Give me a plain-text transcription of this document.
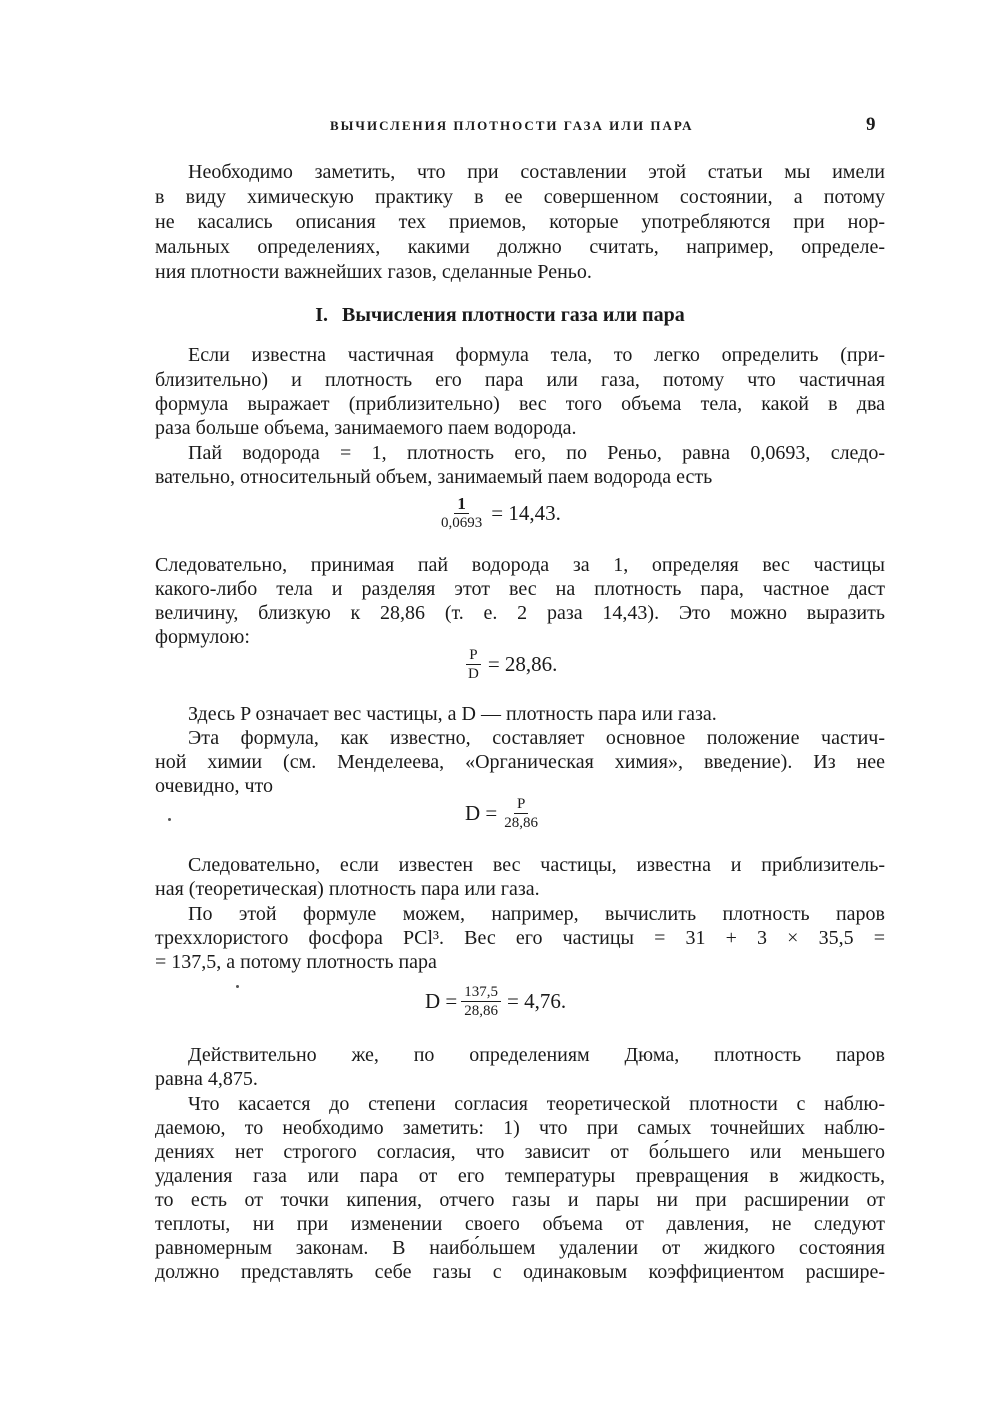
ВЫЧИСЛЕНИЯ ПЛОТНОСТИ ГАЗА ИЛИ ПАРА	9
Необходимо заметить, что при составлении этой статьи мы имели
в виду химическую практику в ее совершенном состоянии, а потому
не касались описания тех приемов, которые употребляются при нор-
мальных определениях, какими должно считать, например, определе-
ния плотности важнейших газов, сделанные Реньо.
I. Вычисления плотности газа или пара
Если известна частичная формула тела, то легко определить (при-
близительно) и плотность его пара или газа, потому что частичная
формула выражает (приблизительно) вес того объема тела, какой в два
раза больше объема, занимаемого паем водорода.
Пай водорода = 1, плотность его, по Реньо, равна 0,0693, следо-
вательно, относительный объем, занимаемый паем водорода есть
$\frac{1}{0,0693} = 14,43$.
Следовательно, принимая пай водорода за 1, определяя вес частицы
какого-либо тела и разделяя этот вес на плотность пара, частное даст
величину, близкую к 28,86 (т. е. 2 раза 14,43). Это можно выразить
формулою:
$\frac{P}{D} = 28,86$.
Здесь P означает вес частицы, а D — плотность пара или газа.
Эта формула, как известно, составляет основное положение частич-
ной химии (см. Менделеева, «Органическая химия», введение). Из нее
очевидно, что
$D = \frac{P}{28,86}$
Следовательно, если известен вес частицы, известна и приблизитель-
ная (теоретическая) плотность пара или газа.
По этой формуле можем, например, вычислить плотность паров
трехxлористого фосфора PCl³. Вес его частицы = 31 + 3 × 35,5 =
= 137,5, а потому плотность пара
$D = \frac{137,5}{28,86} = 4,76$.
Действительно же, по определениям Дюма, плотность паров
равна 4,875.
Что касается до степени согласия теоретической плотности с наблю-
даемою, то необходимо заметить: 1) что при самых точнейших наблю-
дениях нет строгого согласия, что зависит от бо́льшего или меньшего
удаления газа или пара от его температуры превращения в жидкость,
то есть от точки кипения, отчего газы и пары ни при расширении от
теплоты, ни при изменении своего объема от давления, не следуют
равномерным законам. В наибо́льшем удалении от жидкого состояния
должно представлять себе газы с одинаковым коэффициентом расшире-
